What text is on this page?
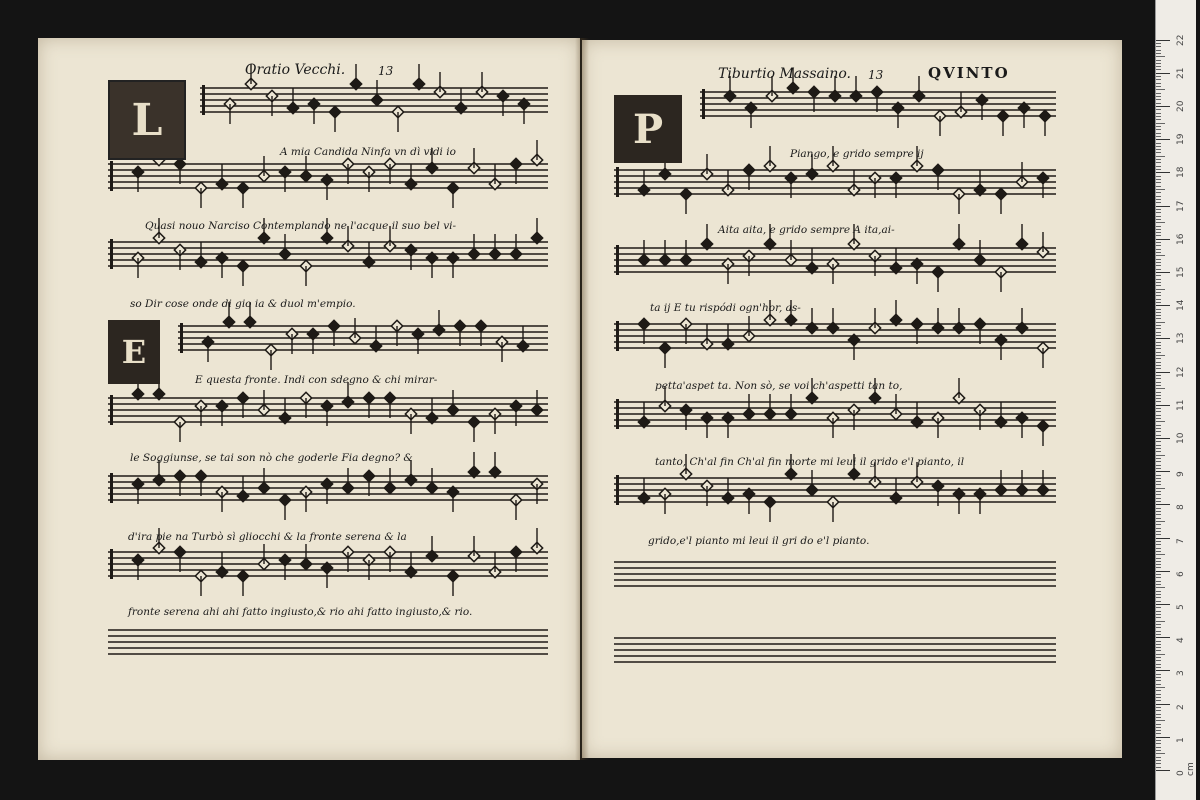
Oratio Vecchi.	13	Tiburtio Massaino. 13	QVINTO
L
E
P
A mia Candida Ninfa vn dì vidi io
Quasi nouo Narciso Contemplando ne l'acque il suo bel vi-
so Dir cose onde di gio ia & duol m'empio.
E questa fronte. Indi con sdegno & chi mirar-
le Soggiunse, se tai son nò che goderle Fia degno? &
d'ira pie na Turbò sì gliocchi & la fronte serena & la
fronte serena ahi ahi fatto ingiusto,& rio ahi fatto ingiusto,& rio.
Piango, e grido sempre ij
Aita aita, e grido sempre A ita,ai-
ta ij E tu rispódi ogn'hor, as-
petta'aspet ta. Non sò, se voi ch'aspetti tan to,
tanto, Ch'al fin Ch'al fin morte mi leui il grido e'l pianto, il
grido,e'l pianto mi leui il gri do e'l pianto.
0 cm
1
2
3
4
5
6
7
8
9
10
11
12
13
14
15
16
17
18
19
20
21
22
